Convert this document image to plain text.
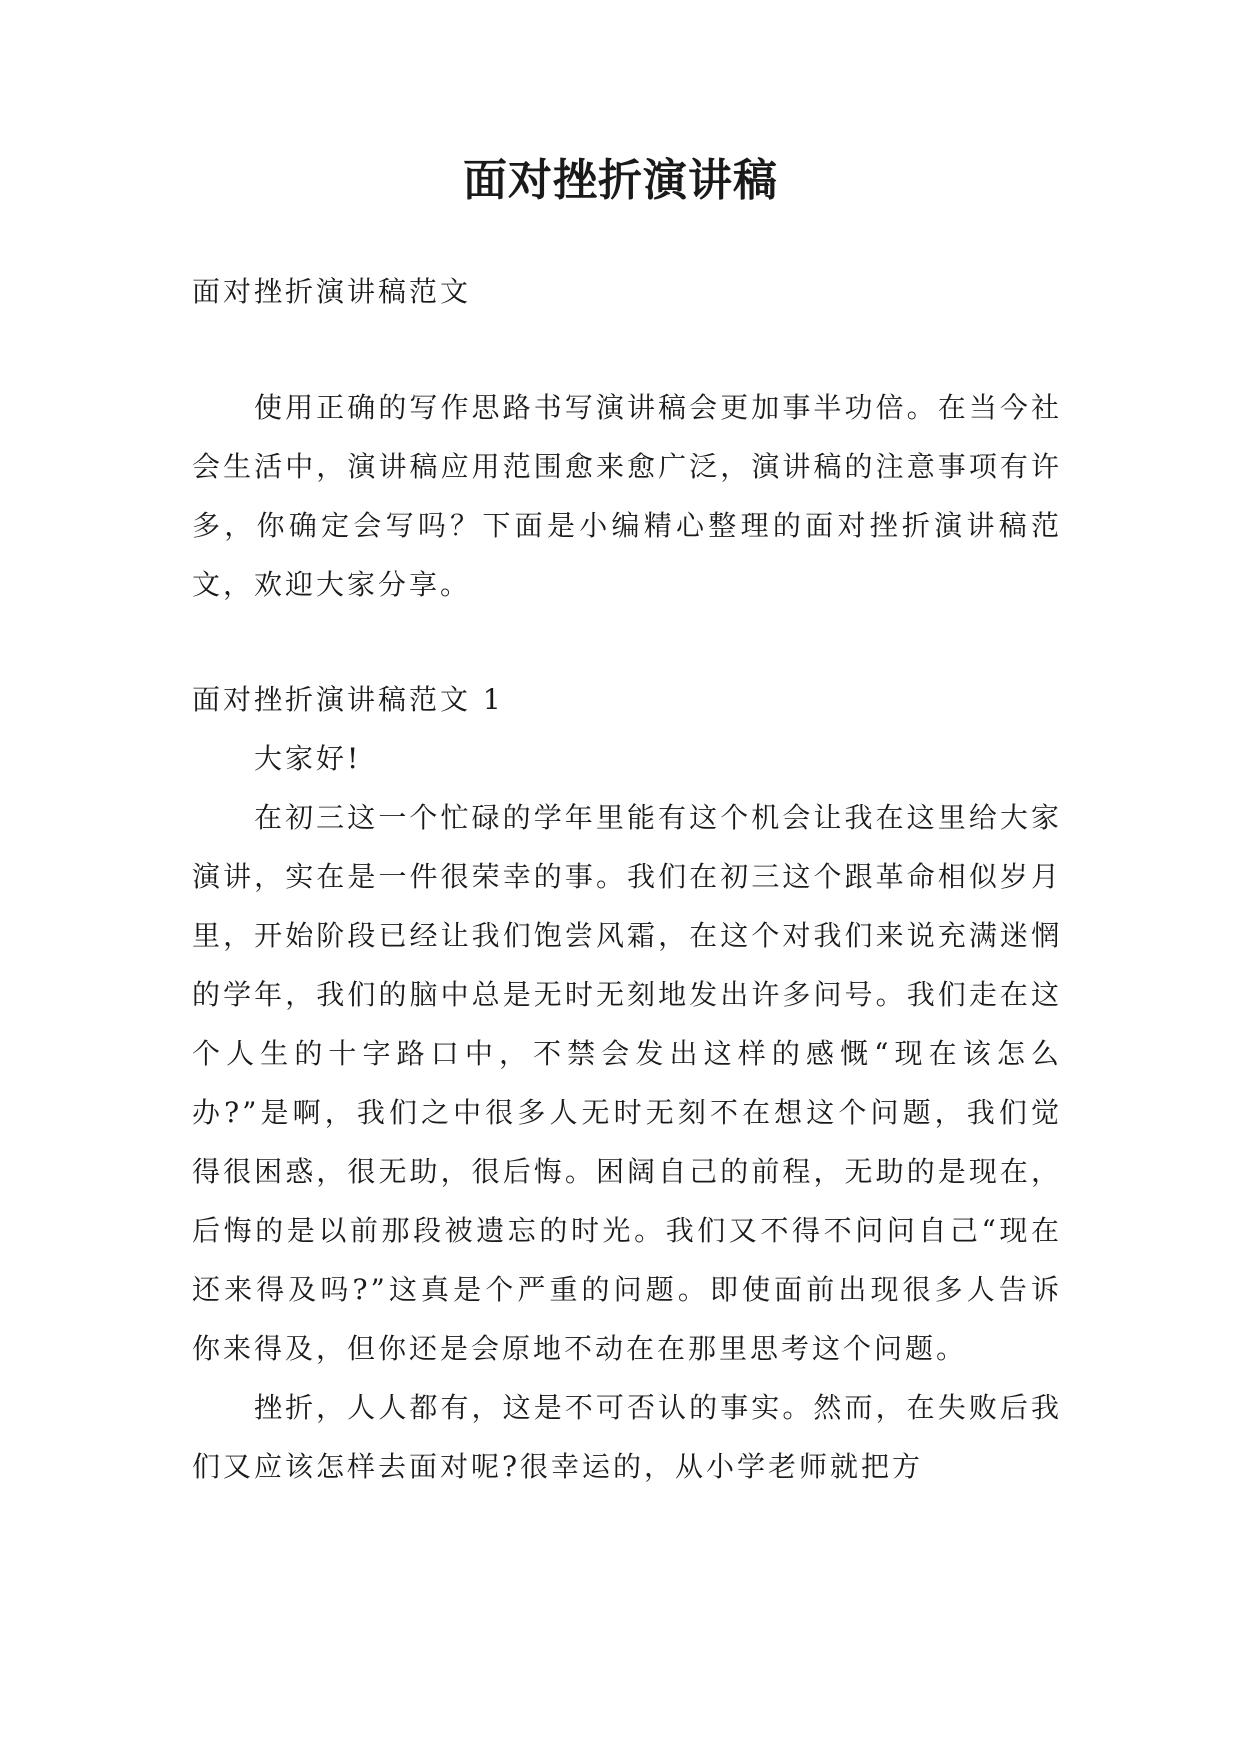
面对挫折演讲稿

面对挫折演讲稿范文

使用正确的写作思路书写演讲稿会更加事半功倍。在当今社会生活中，演讲稿应用范围愈来愈广泛，演讲稿的注意事项有许多，你确定会写吗？下面是小编精心整理的面对挫折演讲稿范文，欢迎大家分享。

面对挫折演讲稿范文 1

大家好!

在初三这一个忙碌的学年里能有这个机会让我在这里给大家演讲，实在是一件很荣幸的事。我们在初三这个跟革命相似岁月里，开始阶段已经让我们饱尝风霜，在这个对我们来说充满迷惘的学年，我们的脑中总是无时无刻地发出许多问号。我们走在这个人生的十字路口中，不禁会发出这样的感慨“现在该怎么办?”是啊，我们之中很多人无时无刻不在想这个问题，我们觉得很困惑，很无助，很后悔。困阔自己的前程，无助的是现在，后悔的是以前那段被遗忘的时光。我们又不得不问问自己“现在还来得及吗?”这真是个严重的问题。即使面前出现很多人告诉你来得及，但你还是会原地不动在在那里思考这个问题。

挫折，人人都有，这是不可否认的事实。然而，在失败后我们又应该怎样去面对呢?很幸运的，从小学老师就把方
